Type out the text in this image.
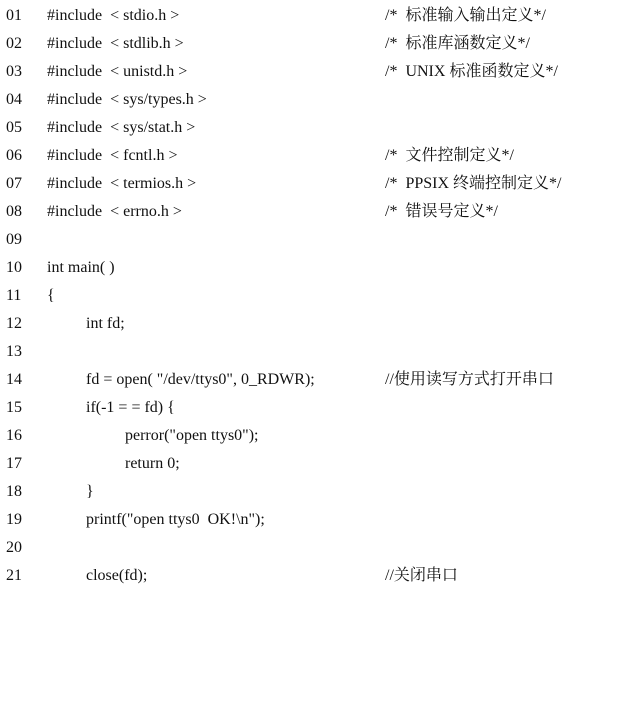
01

#include  < stdio.h >

	/*  标准输入输出定义*/

02

#include  < stdlib.h >

	/*  标准库涵数定义*/

03

#include  < unistd.h >

	/*  UNIX 标准函数定义*/

04

#include  < sys/types.h >

05

#include  < sys/stat.h >

06

#include  < fcntl.h >

	/*  文件控制定义*/

07

#include  < termios.h >

	/*  PPSIX 终端控制定义*/

08

#include  < errno.h >

	/*  错误号定义*/

09

10

int main( )

11

{

12

	int fd;

13

14

	fd = open( "/dev/ttys0", 0_RDWR);

	//使用读写方式打开串口

15

	if(-1 = = fd) {

16

	perror("open ttys0");

17

	return 0;

18

	}

19

	printf("open ttys0  OK!\n");

20

21

	close(fd);

	//关闭串口
